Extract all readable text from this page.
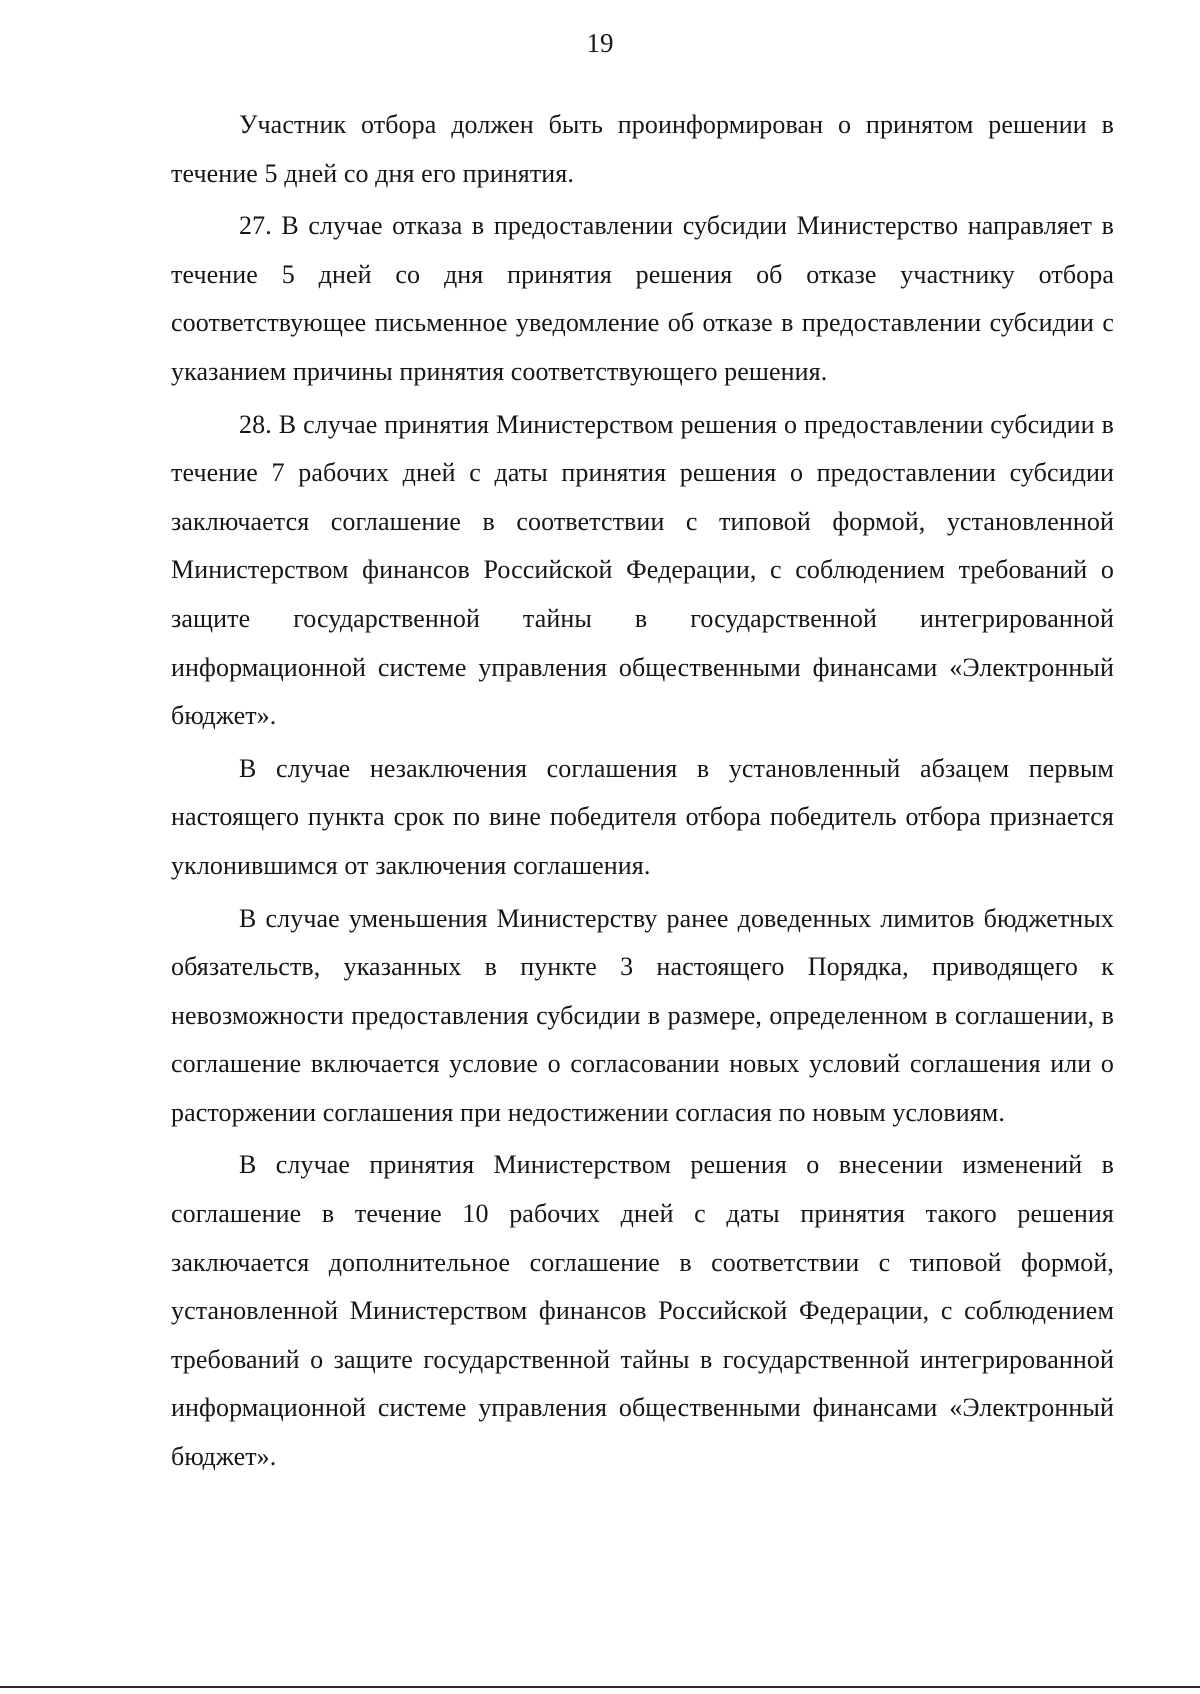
19

Участник отбора должен быть проинформирован о принятом решении в течение 5 дней со дня его принятия.

27. В случае отказа в предоставлении субсидии Министерство направляет в течение 5 дней со дня принятия решения об отказе участнику отбора соответствующее письменное уведомление об отказе в предоставлении субсидии с указанием причины принятия соответствующего решения.

28. В случае принятия Министерством решения о предоставлении субсидии в течение 7 рабочих дней с даты принятия решения о предоставлении субсидии заключается соглашение в соответствии с типовой формой, установленной Министерством финансов Российской Федерации, с соблюдением требований о защите государственной тайны в государственной интегрированной информационной системе управления общественными финансами «Электронный бюджет».

В случае незаключения соглашения в установленный абзацем первым настоящего пункта срок по вине победителя отбора победитель отбора признается уклонившимся от заключения соглашения.

В случае уменьшения Министерству ранее доведенных лимитов бюджетных обязательств, указанных в пункте 3 настоящего Порядка, приводящего к невозможности предоставления субсидии в размере, определенном в соглашении, в соглашение включается условие о согласовании новых условий соглашения или о расторжении соглашения при недостижении согласия по новым условиям.

В случае принятия Министерством решения о внесении изменений в соглашение в течение 10 рабочих дней с даты принятия такого решения заключается дополнительное соглашение в соответствии с типовой формой, установленной Министерством финансов Российской Федерации, с соблюдением требований о защите государственной тайны в государственной интегрированной информационной системе управления общественными финансами «Электронный бюджет».
